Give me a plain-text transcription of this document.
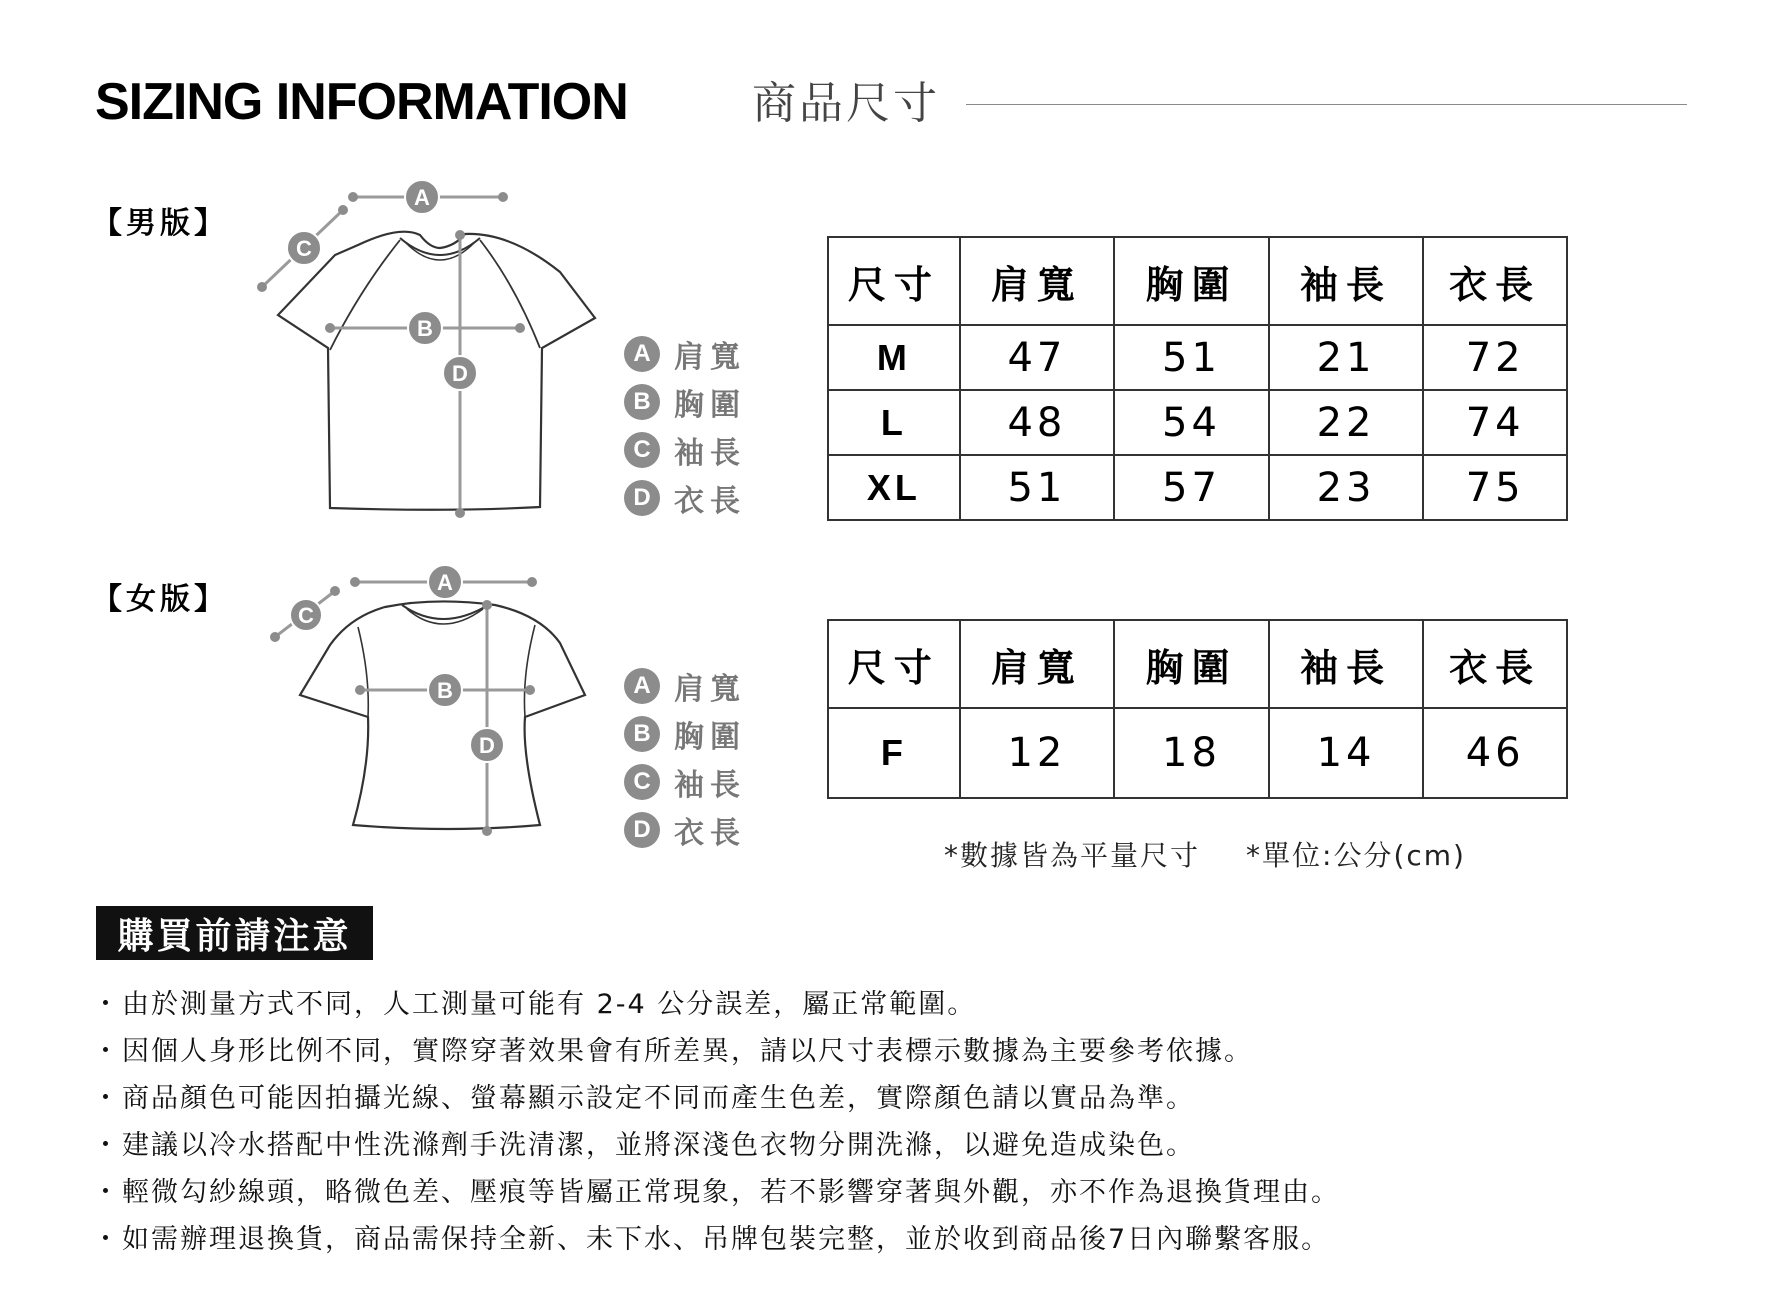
SIZING INFORMATION	商品尺寸
【男版】
A
C
B
D
A 肩寬
B 胸圍
C 袖長
D 衣長
尺寸	肩寬	胸圍	袖長	衣長
M	47	51	21	72
L	48	54	22	74
XL	51	57	23	75
【女版】	A
C
B
D
A 肩寬
B 胸圍
C 袖長
D 衣長
尺寸	肩寬	胸圍	袖長	衣長
F	12	18	14	46
*數據皆為平量尺寸 *單位:公分(cm)
購買前請注意
・ 由於測量方式不同，人工測量可能有 2-4 公分誤差，屬正常範圍。
・ 因個人身形比例不同，實際穿著效果會有所差異，請以尺寸表標示數據為主要參考依據。
・ 商品顏色可能因拍攝光線、螢幕顯示設定不同而產生色差，實際顏色請以實品為準。
・ 建議以冷水搭配中性洗滌劑手洗清潔，並將深淺色衣物分開洗滌，以避免造成染色。
・ 輕微勾紗線頭，略微色差、壓痕等皆屬正常現象，若不影響穿著與外觀，亦不作為退換貨理由。
・ 如需辦理退換貨，商品需保持全新、未下水、吊牌包裝完整，並於收到商品後7日內聯繫客服。
